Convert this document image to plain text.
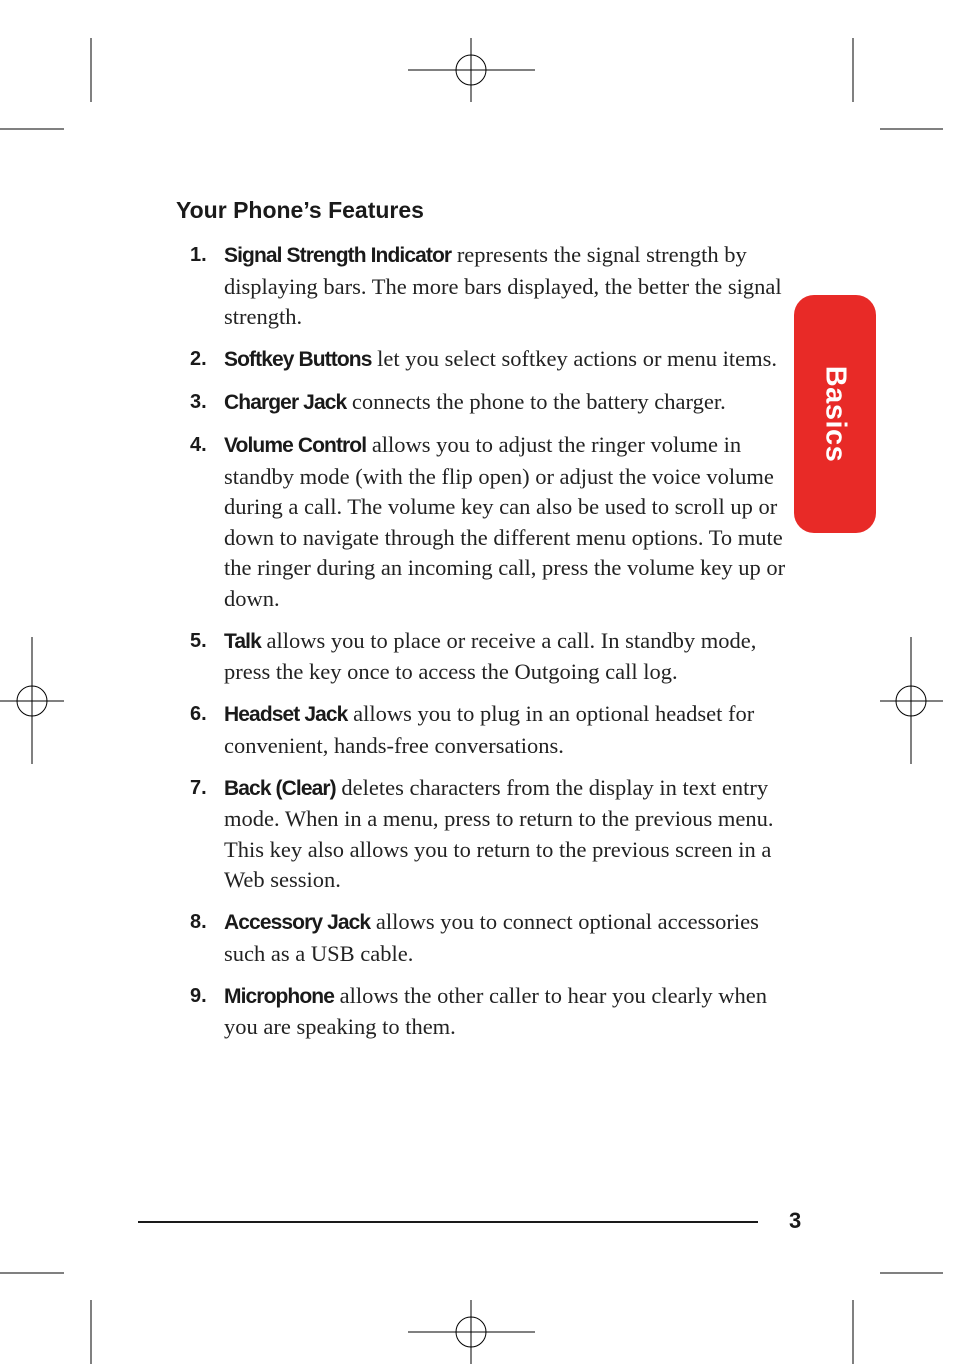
Your Phone’s Features
1. Signal Strength Indicator represents the signal strength by displaying bars. The more bars displayed, the better the signal strength.
2. Softkey Buttons let you select softkey actions or menu items.
3. Charger Jack connects the phone to the battery charger.
4. Volume Control allows you to adjust the ringer volume in standby mode (with the flip open) or adjust the voice volume during a call. The volume key can also be used to scroll up or down to navigate through the different menu options. To mute the ringer during an incoming call, press the volume key up or down.
5. Talk allows you to place or receive a call. In standby mode, press the key once to access the Outgoing call log.
6. Headset Jack allows you to plug in an optional headset for convenient, hands-free conversations.
7. Back (Clear) deletes characters from the display in text entry mode. When in a menu, press to return to the previous menu. This key also allows you to return to the previous screen in a Web session.
8. Accessory Jack allows you to connect optional accessories such as a USB cable.
9. Microphone allows the other caller to hear you clearly when you are speaking to them.
Basics
3
